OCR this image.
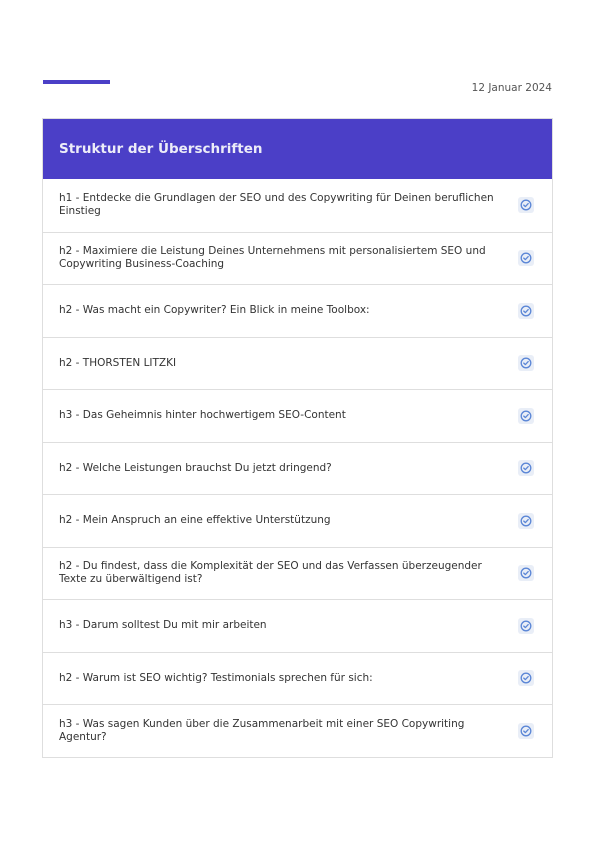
12 Januar 2024
Struktur der Überschriften
h1 - Entdecke die Grundlagen der SEO und des Copywriting für Deinen beruflichen Einstieg
h2 - Maximiere die Leistung Deines Unternehmens mit personalisiertem SEO und Copywriting Business-Coaching
h2 - Was macht ein Copywriter? Ein Blick in meine Toolbox:
h2 - THORSTEN LITZKI
h3 - Das Geheimnis hinter hochwertigem SEO-Content
h2 - Welche Leistungen brauchst Du jetzt dringend?
h2 - Mein Anspruch an eine effektive Unterstützung
h2 - Du findest, dass die Komplexität der SEO und das Verfassen überzeugender Texte zu überwältigend ist?
h3 - Darum solltest Du mit mir arbeiten
h2 - Warum ist SEO wichtig? Testimonials sprechen für sich:
h3 - Was sagen Kunden über die Zusammenarbeit mit einer SEO Copywriting Agentur?
